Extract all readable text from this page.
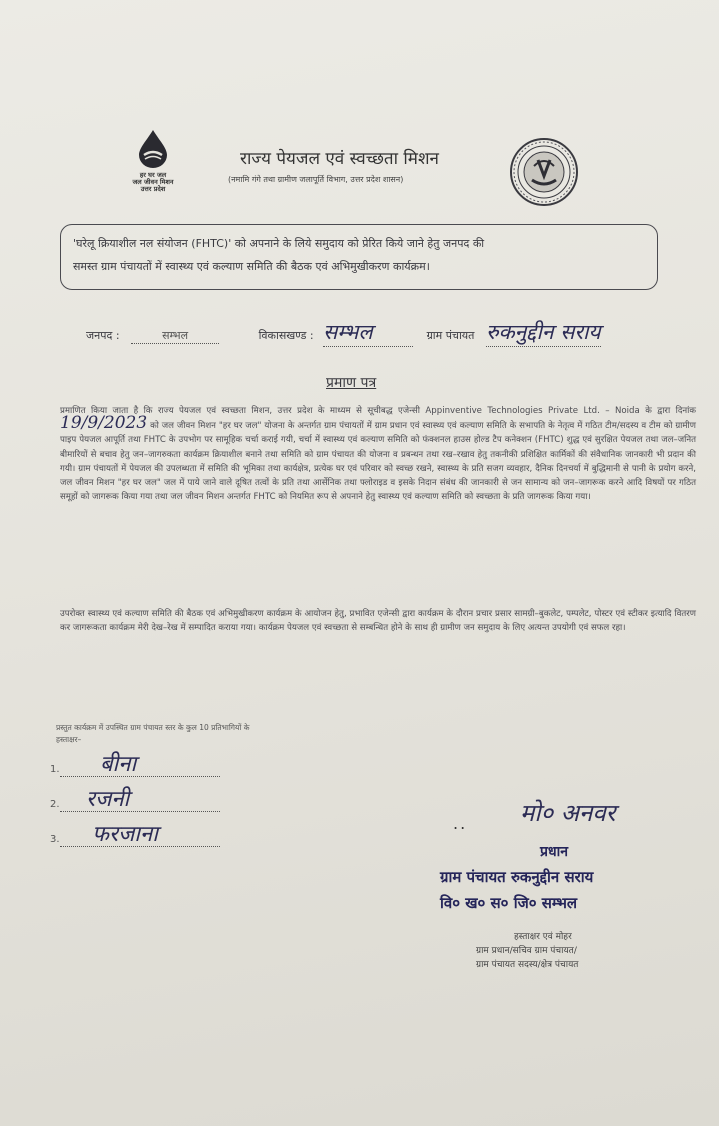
हर घर जल
जल जीवन मिशन
उत्तर प्रदेश
राज्य पेयजल एवं स्वच्छता मिशन
(नमामि गंगे तथा ग्रामीण जलापूर्ति विभाग, उत्तर प्रदेश शासन)
'घरेलू क्रियाशील नल संयोजन (FHTC)' को अपनाने के लिये समुदाय को प्रेरित किये जाने हेतु जनपद की
समस्त ग्राम पंचायतों में स्वास्थ्य एवं कल्याण समिति की बैठक एवं अभिमुखीकरण कार्यक्रम।
जनपद :	सम्भल	विकासखण्ड : सम्भल	ग्राम पंचायत रुकनुद्दीन सराय
प्रमाण पत्र
प्रमाणित किया जाता है कि राज्य पेयजल एवं स्वच्छता मिशन, उत्तर प्रदेश के माध्यम से सूचीबद्ध एजेन्सी Appinventive Technologies Private Ltd. – Noida के द्वारा दिनांक 19/9/2023 को जल जीवन मिशन "हर घर जल" योजना के अन्तर्गत ग्राम पंचायतों में ग्राम प्रधान एवं स्वास्थ्य एवं कल्याण समिति के सभापति के नेतृत्व में गठित टीम/सदस्य व टीम को ग्रामीण पाइप पेयजल आपूर्ति तथा FHTC के उपभोग पर सामूहिक चर्चा कराई गयी, चर्चा में स्वास्थ्य एवं कल्याण समिति को फंक्शनल हाउस होल्ड टैप कनेक्शन (FHTC) शुद्ध एवं सुरक्षित पेयजल तथा जल–जनित बीमारियों से बचाव हेतु जन–जागरुकता कार्यक्रम क्रियाशील बनाने तथा समिति को ग्राम पंचायत की योजना व प्रबन्धन तथा रख–रखाव हेतु तकनीकी प्रशिक्षित कार्मिकों की संवैधानिक जानकारी भी प्रदान की गयी। ग्राम पंचायतों में पेयजल की उपलब्धता में समिति की भूमिका तथा कार्यक्षेत्र, प्रत्येक घर एवं परिवार को स्वच्छ रखने, स्वास्थ्य के प्रति सजग व्यवहार, दैनिक दिनचर्या में बुद्धिमानी से पानी के प्रयोग करने, जल जीवन मिशन "हर घर जल" जल में पाये जाने वाले दूषित तत्वों के प्रति तथा आर्सेनिक तथा फ्लोराइड व इसके निदान संबंध की जानकारी से जन सामान्य को जन–जागरूक करने आदि विषयों पर गठित समूहों को जागरूक किया गया तथा जल जीवन मिशन अन्तर्गत FHTC को नियमित रूप से अपनाने हेतु स्वास्थ्य एवं कल्याण समिति को स्वच्छता के प्रति जागरूक किया गया।
उपरोक्त स्वास्थ्य एवं कल्याण समिति की बैठक एवं अभिमुखीकरण कार्यक्रम के आयोजन हेतु, प्रभावित एजेन्सी द्वारा कार्यक्रम के दौरान प्रचार प्रसार सामग्री–बुकलेट, पम्पलेट, पोस्टर एवं स्टीकर इत्यादि वितरण कर जागरूकता कार्यक्रम मेरी देख–रेख में सम्पादित कराया गया। कार्यक्रम पेयजल एवं स्वच्छता से सम्बन्धित होने के साथ ही ग्रामीण जन समुदाय के लिए अत्यन्त उपयोगी एवं सफल रहा।
प्रस्तुत कार्यक्रम में उपस्थित ग्राम पंचायत स्तर के कुल 10 प्रतिभागियों के
हस्ताक्षर–
1. बीना
2. रजनी
3. फरजाना	.. मो० अनवर
प्रधान
ग्राम पंचायत रुकनुद्दीन सराय
वि० ख० स० जि० सम्भल
हस्ताक्षर एवं मोहर
ग्राम प्रधान/सचिव ग्राम पंचायत/
ग्राम पंचायत सदस्य/क्षेत्र पंचायत
